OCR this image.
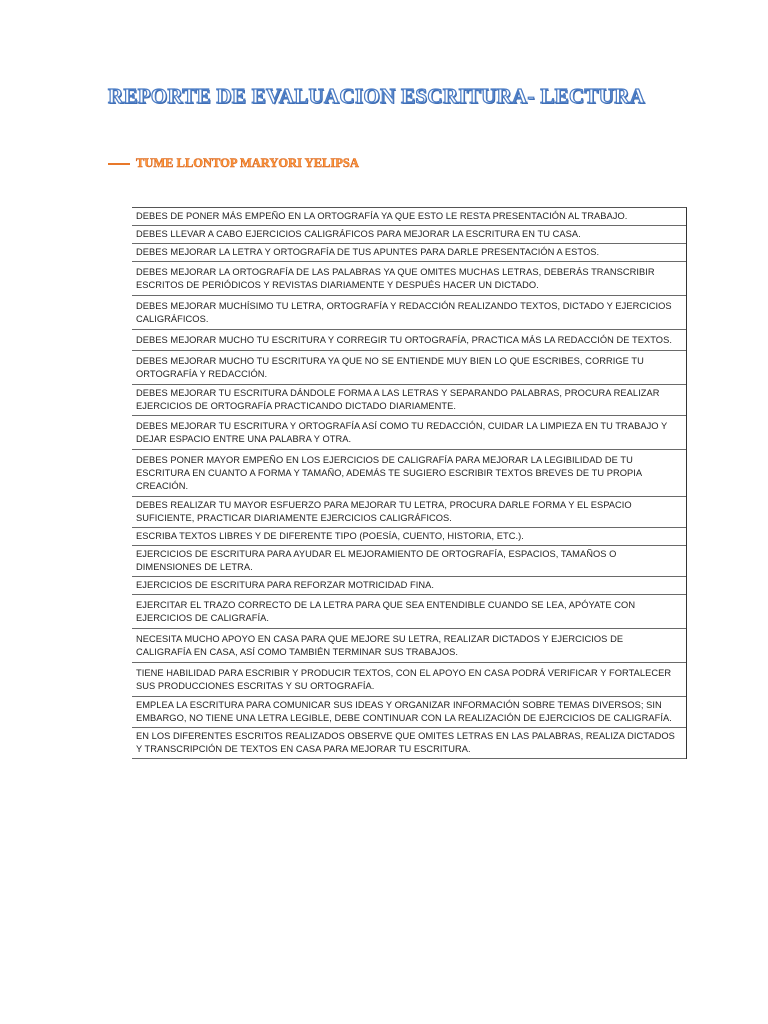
REPORTE DE EVALUACION ESCRITURA- LECTURA
TUME LLONTOP MARYORI YELIPSA
DEBES DE PONER MÁS EMPEÑO EN LA ORTOGRAFÍA YA QUE ESTO LE RESTA PRESENTACIÓN AL TRABAJO.
DEBES LLEVAR A CABO EJERCICIOS CALIGRÁFICOS PARA MEJORAR LA ESCRITURA EN TU CASA.
DEBES MEJORAR LA LETRA Y ORTOGRAFÍA DE TUS APUNTES PARA DARLE PRESENTACIÓN A ESTOS.
DEBES MEJORAR LA ORTOGRAFÍA DE LAS PALABRAS YA QUE OMITES MUCHAS LETRAS, DEBERÁS TRANSCRIBIR ESCRITOS DE PERIÓDICOS Y REVISTAS DIARIAMENTE Y DESPUÉS HACER UN DICTADO.
DEBES MEJORAR MUCHÍSIMO TU LETRA, ORTOGRAFÍA Y REDACCIÓN REALIZANDO TEXTOS, DICTADO Y EJERCICIOS CALIGRÁFICOS.
DEBES MEJORAR MUCHO TU ESCRITURA Y CORREGIR TU ORTOGRAFÍA, PRACTICA MÁS LA REDACCIÓN DE TEXTOS.
DEBES MEJORAR MUCHO TU ESCRITURA YA QUE NO SE ENTIENDE MUY BIEN LO QUE ESCRIBES, CORRIGE TU ORTOGRAFÍA Y REDACCIÓN.
DEBES MEJORAR TU ESCRITURA DÁNDOLE FORMA A LAS LETRAS Y SEPARANDO PALABRAS, PROCURA REALIZAR EJERCICIOS DE ORTOGRAFÍA PRACTICANDO DICTADO DIARIAMENTE.
DEBES MEJORAR TU ESCRITURA Y ORTOGRAFÍA ASÍ COMO TU REDACCIÓN, CUIDAR LA LIMPIEZA EN TU TRABAJO Y DEJAR ESPACIO ENTRE UNA PALABRA Y OTRA.
DEBES PONER MAYOR EMPEÑO EN LOS EJERCICIOS DE CALIGRAFÍA PARA MEJORAR LA LEGIBILIDAD DE TU ESCRITURA EN CUANTO A FORMA Y TAMAÑO, ADEMÁS TE SUGIERO ESCRIBIR TEXTOS BREVES DE TU PROPIA CREACIÓN.
DEBES REALIZAR TU MAYOR ESFUERZO PARA MEJORAR TU LETRA, PROCURA DARLE FORMA Y EL ESPACIO SUFICIENTE, PRACTICAR DIARIAMENTE EJERCICIOS CALIGRÁFICOS.
ESCRIBA TEXTOS LIBRES Y DE DIFERENTE TIPO (POESÍA, CUENTO, HISTORIA, ETC.).
EJERCICIOS DE ESCRITURA PARA AYUDAR EL MEJORAMIENTO DE ORTOGRAFÍA, ESPACIOS, TAMAÑOS O DIMENSIONES DE LETRA.
EJERCICIOS DE ESCRITURA PARA REFORZAR MOTRICIDAD FINA.
EJERCITAR EL TRAZO CORRECTO DE LA LETRA PARA QUE SEA ENTENDIBLE CUANDO SE LEA, APÓYATE CON EJERCICIOS DE CALIGRAFÍA.
NECESITA MUCHO APOYO EN CASA PARA QUE MEJORE SU LETRA, REALIZAR DICTADOS Y EJERCICIOS DE CALIGRAFÍA EN CASA, ASÍ COMO TAMBIÉN TERMINAR SUS TRABAJOS.
TIENE HABILIDAD PARA ESCRIBIR Y PRODUCIR TEXTOS, CON EL APOYO EN CASA PODRÁ VERIFICAR Y FORTALECER SUS PRODUCCIONES ESCRITAS Y SU ORTOGRAFÍA.
EMPLEA LA ESCRITURA PARA COMUNICAR SUS IDEAS Y ORGANIZAR INFORMACIÓN SOBRE TEMAS DIVERSOS; SIN EMBARGO, NO TIENE UNA LETRA LEGIBLE, DEBE CONTINUAR CON LA REALIZACIÓN DE EJERCICIOS DE CALIGRAFÍA.
EN LOS DIFERENTES ESCRITOS REALIZADOS OBSERVE QUE OMITES LETRAS EN LAS PALABRAS, REALIZA DICTADOS Y TRANSCRIPCIÓN DE TEXTOS EN CASA PARA MEJORAR TU ESCRITURA.
